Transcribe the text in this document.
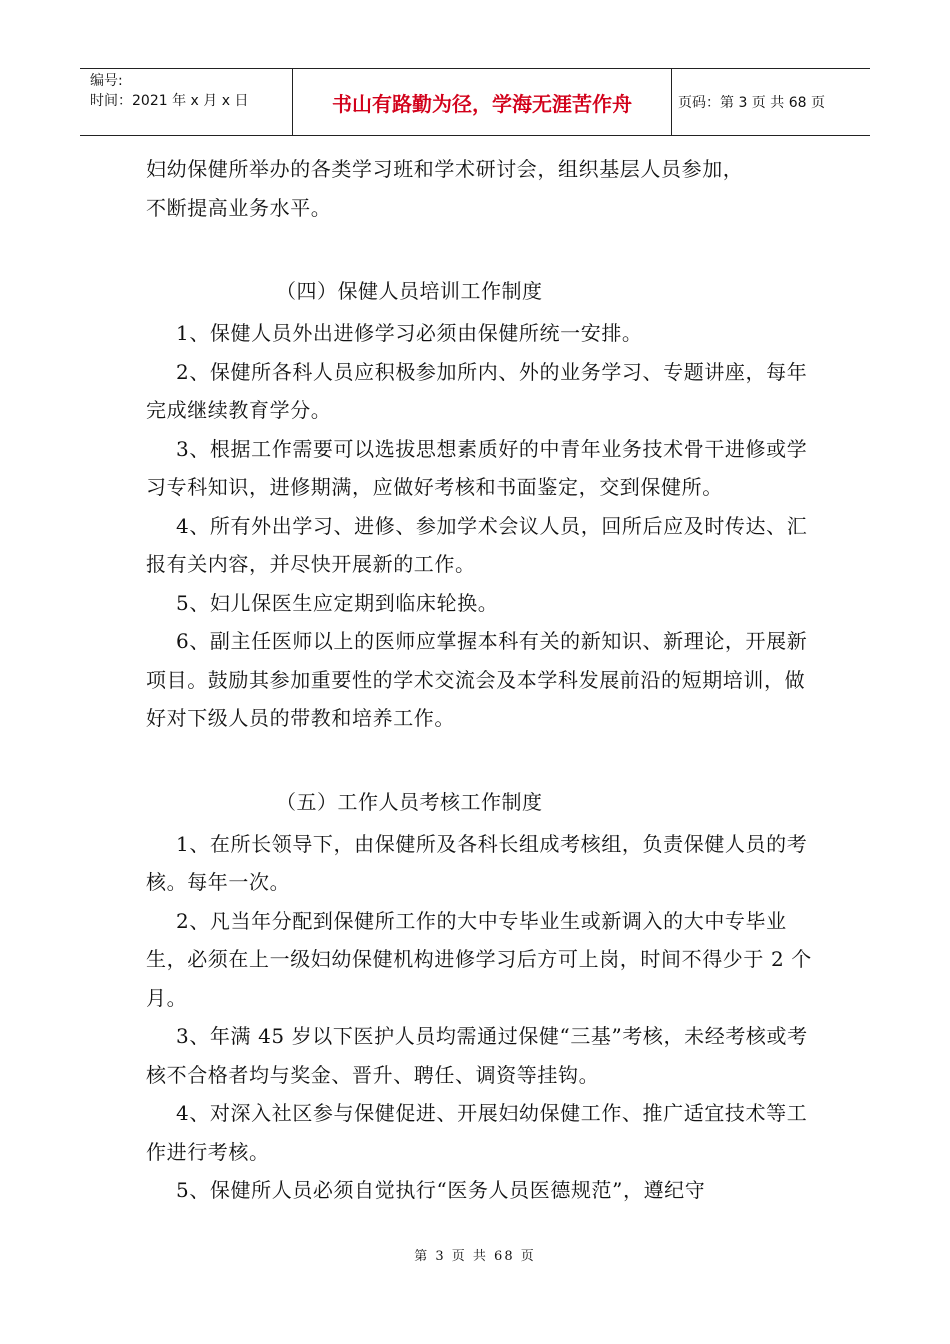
编号:
时间：2021 年 x 月 x 日	书山有路勤为径，学海无涯苦作舟	页码：第 3 页 共 68 页

妇幼保健所举办的各类学习班和学术研讨会，组织基层人员参加，

不断提高业务水平。

（四）保健人员培训工作制度

1、保健人员外出进修学习必须由保健所统一安排。

2、保健所各科人员应积极参加所内、外的业务学习、专题讲座，每年完成继续教育学分。

3、根据工作需要可以选拔思想素质好的中青年业务技术骨干进修或学习专科知识，进修期满，应做好考核和书面鉴定，交到保健所。

4、所有外出学习、进修、参加学术会议人员，回所后应及时传达、汇报有关内容，并尽快开展新的工作。

5、妇儿保医生应定期到临床轮换。

6、副主任医师以上的医师应掌握本科有关的新知识、新理论，开展新项目。鼓励其参加重要性的学术交流会及本学科发展前沿的短期培训，做好对下级人员的带教和培养工作。

（五）工作人员考核工作制度

1、在所长领导下，由保健所及各科长组成考核组，负责保健人员的考核。每年一次。

2、凡当年分配到保健所工作的大中专毕业生或新调入的大中专毕业生，必须在上一级妇幼保健机构进修学习后方可上岗，时间不得少于 2 个月。

3、年满 45 岁以下医护人员均需通过保健“三基”考核，未经考核或考核不合格者均与奖金、晋升、聘任、调资等挂钩。

4、对深入社区参与保健促进、开展妇幼保健工作、推广适宜技术等工作进行考核。

5、保健所人员必须自觉执行“医务人员医德规范”，遵纪守

第 3 页 共 68 页
